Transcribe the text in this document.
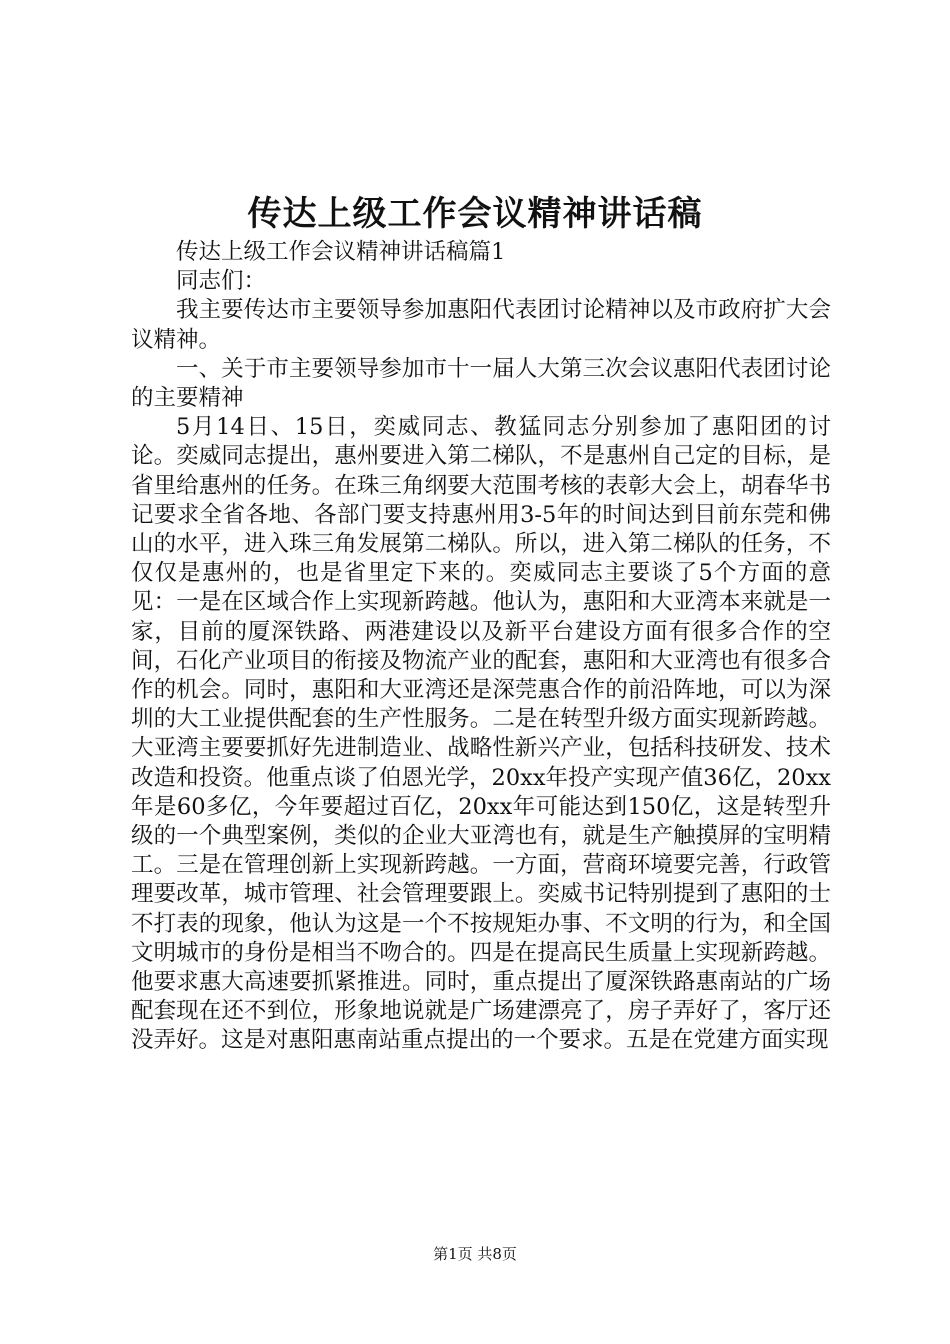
传达上级工作会议精神讲话稿

传达上级工作会议精神讲话稿篇1

同志们：

我主要传达市主要领导参加惠阳代表团讨论精神以及市政府扩大会议精神。

一、关于市主要领导参加市十一届人大第三次会议惠阳代表团讨论的主要精神

5月14日、15日，奕威同志、教猛同志分别参加了惠阳团的讨论。奕威同志提出，惠州要进入第二梯队，不是惠州自己定的目标，是省里给惠州的任务。在珠三角纲要大范围考核的表彰大会上，胡春华书记要求全省各地、各部门要支持惠州用3-5年的时间达到目前东莞和佛山的水平，进入珠三角发展第二梯队。所以，进入第二梯队的任务，不仅仅是惠州的，也是省里定下来的。奕威同志主要谈了5个方面的意见：一是在区域合作上实现新跨越。他认为，惠阳和大亚湾本来就是一家，目前的厦深铁路、两港建设以及新平台建设方面有很多合作的空间，石化产业项目的衔接及物流产业的配套，惠阳和大亚湾也有很多合作的机会。同时，惠阳和大亚湾还是深莞惠合作的前沿阵地，可以为深圳的大工业提供配套的生产性服务。二是在转型升级方面实现新跨越。大亚湾主要要抓好先进制造业、战略性新兴产业，包括科技研发、技术改造和投资。他重点谈了伯恩光学，20xx年投产实现产值36亿，20xx年是60多亿，今年要超过百亿，20xx年可能达到150亿，这是转型升级的一个典型案例，类似的企业大亚湾也有，就是生产触摸屏的宝明精工。三是在管理创新上实现新跨越。一方面，营商环境要完善，行政管理要改革，城市管理、社会管理要跟上。奕威书记特别提到了惠阳的士不打表的现象，他认为这是一个不按规矩办事、不文明的行为，和全国文明城市的身份是相当不吻合的。四是在提高民生质量上实现新跨越。他要求惠大高速要抓紧推进。同时，重点提出了厦深铁路惠南站的广场配套现在还不到位，形象地说就是广场建漂亮了，房子弄好了，客厅还没弄好。这是对惠阳惠南站重点提出的一个要求。五是在党建方面实现

第1页 共8页
